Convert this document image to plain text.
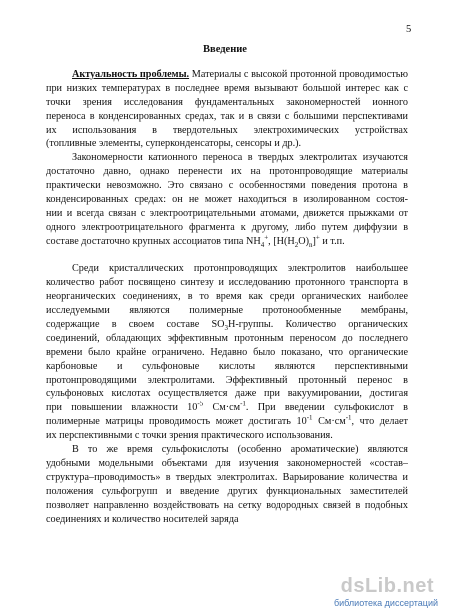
5
Введение
Актуальность проблемы. Материалы с высокой протонной проводимостью
при низких температурах в последнее время вызывают большой интерес как с
точки зрения исследования фундаментальных закономерностей ионного
переноса в конденсированных средах, так и в связи с большими перспективами
их использования в твердотельных электрохимических устройствах
(топливные элементы, суперконденсаторы, сенсоры и др.).
Закономерности катионного переноса в твердых электролитах изучаются
достаточно давно, однако перенести их на протонпроводящие материалы
практически невозможно. Это связано с особенностями поведения протона в
конденсированных средах: он не может находиться в изолированном состоя-
нии и всегда связан с электроотрицательными атомами, движется прыжками от
одного электроотрицательного фрагмента к другому, либо путем диффузии в
составе достаточно крупных ассоциатов типа $NH_4^+$, $[H(H_2O)_n]^+$ и т.п.
Среди кристаллических протонпроводящих электролитов наибольшее
количество работ посвящено синтезу и исследованию протонного транспорта в
неорганических соединениях, в то время как среди органических наиболее
исследуемыми являются полимерные протонообменные мембраны,
содержащие в своем составе $SO_3H$-группы. Количество органических
соединений, обладающих эффективным протонным переносом до последнего
времени было крайне ограничено. Недавно было показано, что органические
карбоновые и сульфоновые кислоты являются перспективными
протонпроводящими электролитами. Эффективный протонный перенос в
сульфоновых кислотах осуществляется даже при вакуумировании, достигая
при повышении влажности $10^{-5}$ $См\cdot см^{-1}$. При введении сульфокислот в
полимерные матрицы проводимость может достигать $10^{-1}$ $См\cdot см^{-1}$, что делает
их перспективными с точки зрения практического использования.
В то же время сульфокислоты (особенно ароматические) являются
удобными модельными объектами для изучения закономерностей «состав–
структура–проводимость» в твердых электролитах. Варьирование количества и
положения сульфогрупп и введение других функциональных заместителей
позволяет направленно воздействовать на сетку водородных связей в подобных
соединениях и количество носителей заряда
dsLib.net
библиотека диссертаций
